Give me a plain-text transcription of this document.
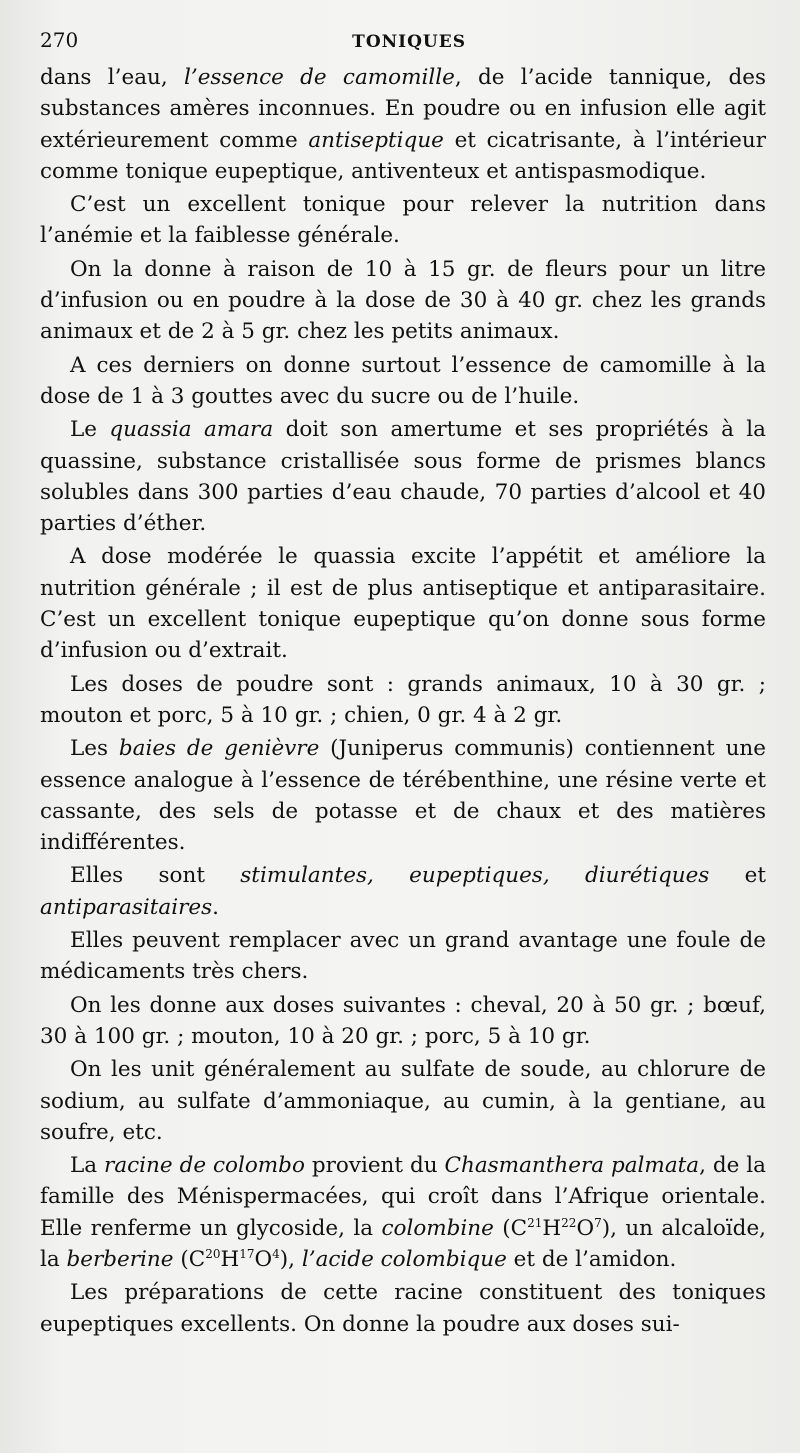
270	TONIQUES

dans l’eau, l’essence de camomille, de l’acide tannique, des substances amères inconnues. En poudre ou en infusion elle agit extérieurement comme antiseptique et cicatrisante, à l’intérieur comme tonique eupeptique, antiventeux et antispasmodique.

C’est un excellent tonique pour relever la nutrition dans l’anémie et la faiblesse générale.

On la donne à raison de 10 à 15 gr. de fleurs pour un litre d’infusion ou en poudre à la dose de 30 à 40 gr. chez les grands animaux et de 2 à 5 gr. chez les petits animaux.

A ces derniers on donne surtout l’essence de camomille à la dose de 1 à 3 gouttes avec du sucre ou de l’huile.

Le quassia amara doit son amertume et ses propriétés à la quassine, substance cristallisée sous forme de prismes blancs solubles dans 300 parties d’eau chaude, 70 parties d’alcool et 40 parties d’éther.

A dose modérée le quassia excite l’appétit et améliore la nutrition générale ; il est de plus antiseptique et antiparasitaire. C’est un excellent tonique eupeptique qu’on donne sous forme d’infusion ou d’extrait.

Les doses de poudre sont : grands animaux, 10 à 30 gr. ; mouton et porc, 5 à 10 gr. ; chien, 0 gr. 4 à 2 gr.

Les baies de genièvre (Juniperus communis) contiennent une essence analogue à l’essence de térébenthine, une résine verte et cassante, des sels de potasse et de chaux et des matières indifférentes.

Elles sont stimulantes, eupeptiques, diurétiques et antiparasitaires.

Elles peuvent remplacer avec un grand avantage une foule de médicaments très chers.

On les donne aux doses suivantes : cheval, 20 à 50 gr. ; bœuf, 30 à 100 gr. ; mouton, 10 à 20 gr. ; porc, 5 à 10 gr.

On les unit généralement au sulfate de soude, au chlorure de sodium, au sulfate d’ammoniaque, au cumin, à la gentiane, au soufre, etc.

La racine de colombo provient du Chasmanthera palmata, de la famille des Ménispermacées, qui croît dans l’Afrique orientale. Elle renferme un glycoside, la colombine $(C^{21}H^{22}O^7)$, un alcaloïde, la berberine $(C^{20}H^{17}O^4)$, l’acide colombique et de l’amidon.

Les préparations de cette racine constituent des toniques eupeptiques excellents. On donne la poudre aux doses sui-
